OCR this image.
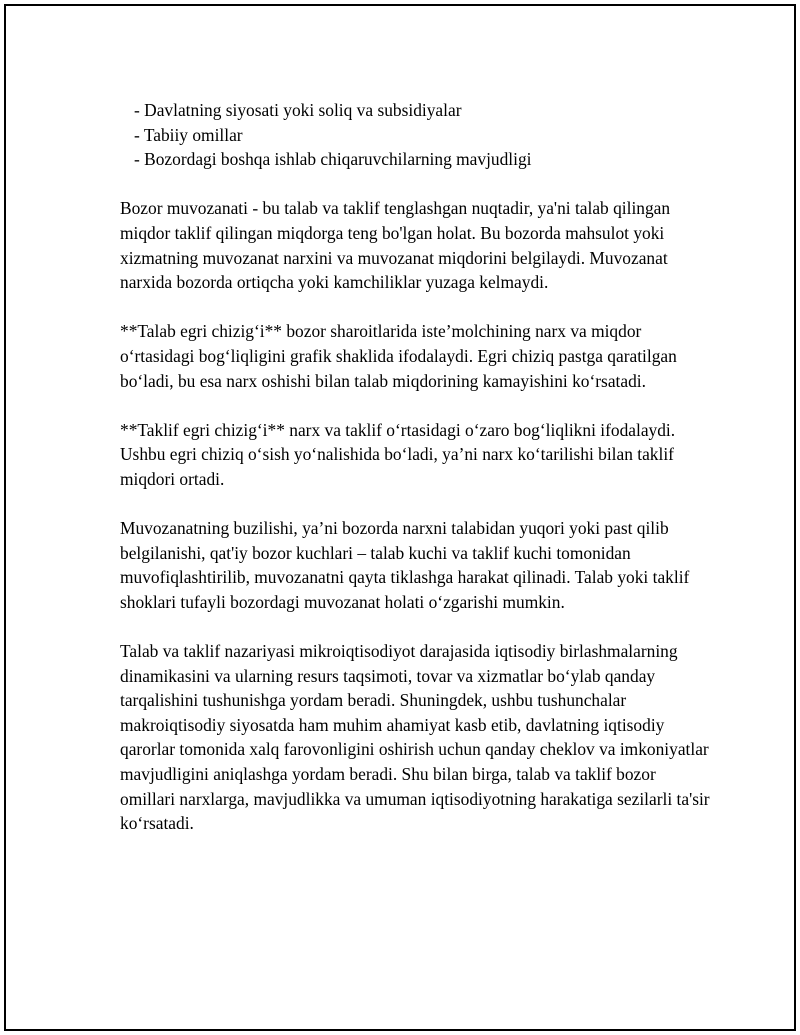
- Davlatning siyosati yoki soliq va subsidiyalar
- Tabiiy omillar
- Bozordagi boshqa ishlab chiqaruvchilarning mavjudligi

Bozor muvozanati - bu talab va taklif tenglashgan nuqtadir, ya'ni talab qilingan miqdor taklif qilingan miqdorga teng bo'lgan holat. Bu bozorda mahsulot yoki xizmatning muvozanat narxini va muvozanat miqdorini belgilaydi. Muvozanat narxida bozorda ortiqcha yoki kamchiliklar yuzaga kelmaydi.

**Talab egri chizig‘i** bozor sharoitlarida iste’molchining narx va miqdor o‘rtasidagi bog‘liqligini grafik shaklida ifodalaydi. Egri chiziq pastga qaratilgan bo‘ladi, bu esa narx oshishi bilan talab miqdorining kamayishini ko‘rsatadi.

**Taklif egri chizig‘i** narx va taklif o‘rtasidagi o‘zaro bog‘liqlikni ifodalaydi. Ushbu egri chiziq o‘sish yo‘nalishida bo‘ladi, ya’ni narx ko‘tarilishi bilan taklif miqdori ortadi.

Muvozanatning buzilishi, ya’ni bozorda narxni talabidan yuqori yoki past qilib belgilanishi, qat'iy bozor kuchlari – talab kuchi va taklif kuchi tomonidan muvofiqlashtirilib, muvozanatni qayta tiklashga harakat qilinadi. Talab yoki taklif shoklari tufayli bozordagi muvozanat holati o‘zgarishi mumkin.

Talab va taklif nazariyasi mikroiqtisodiyot darajasida iqtisodiy birlashmalarning dinamikasini va ularning resurs taqsimoti, tovar va xizmatlar bo‘ylab qanday tarqalishini tushunishga yordam beradi. Shuningdek, ushbu tushunchalar makroiqtisodiy siyosatda ham muhim ahamiyat kasb etib, davlatning iqtisodiy qarorlar tomonida xalq farovonligini oshirish uchun qanday cheklov va imkoniyatlar mavjudligini aniqlashga yordam beradi. Shu bilan birga, talab va taklif bozor omillari narxlarga, mavjudlikka va umuman iqtisodiyotning harakatiga sezilarli ta'sir ko‘rsatadi.
